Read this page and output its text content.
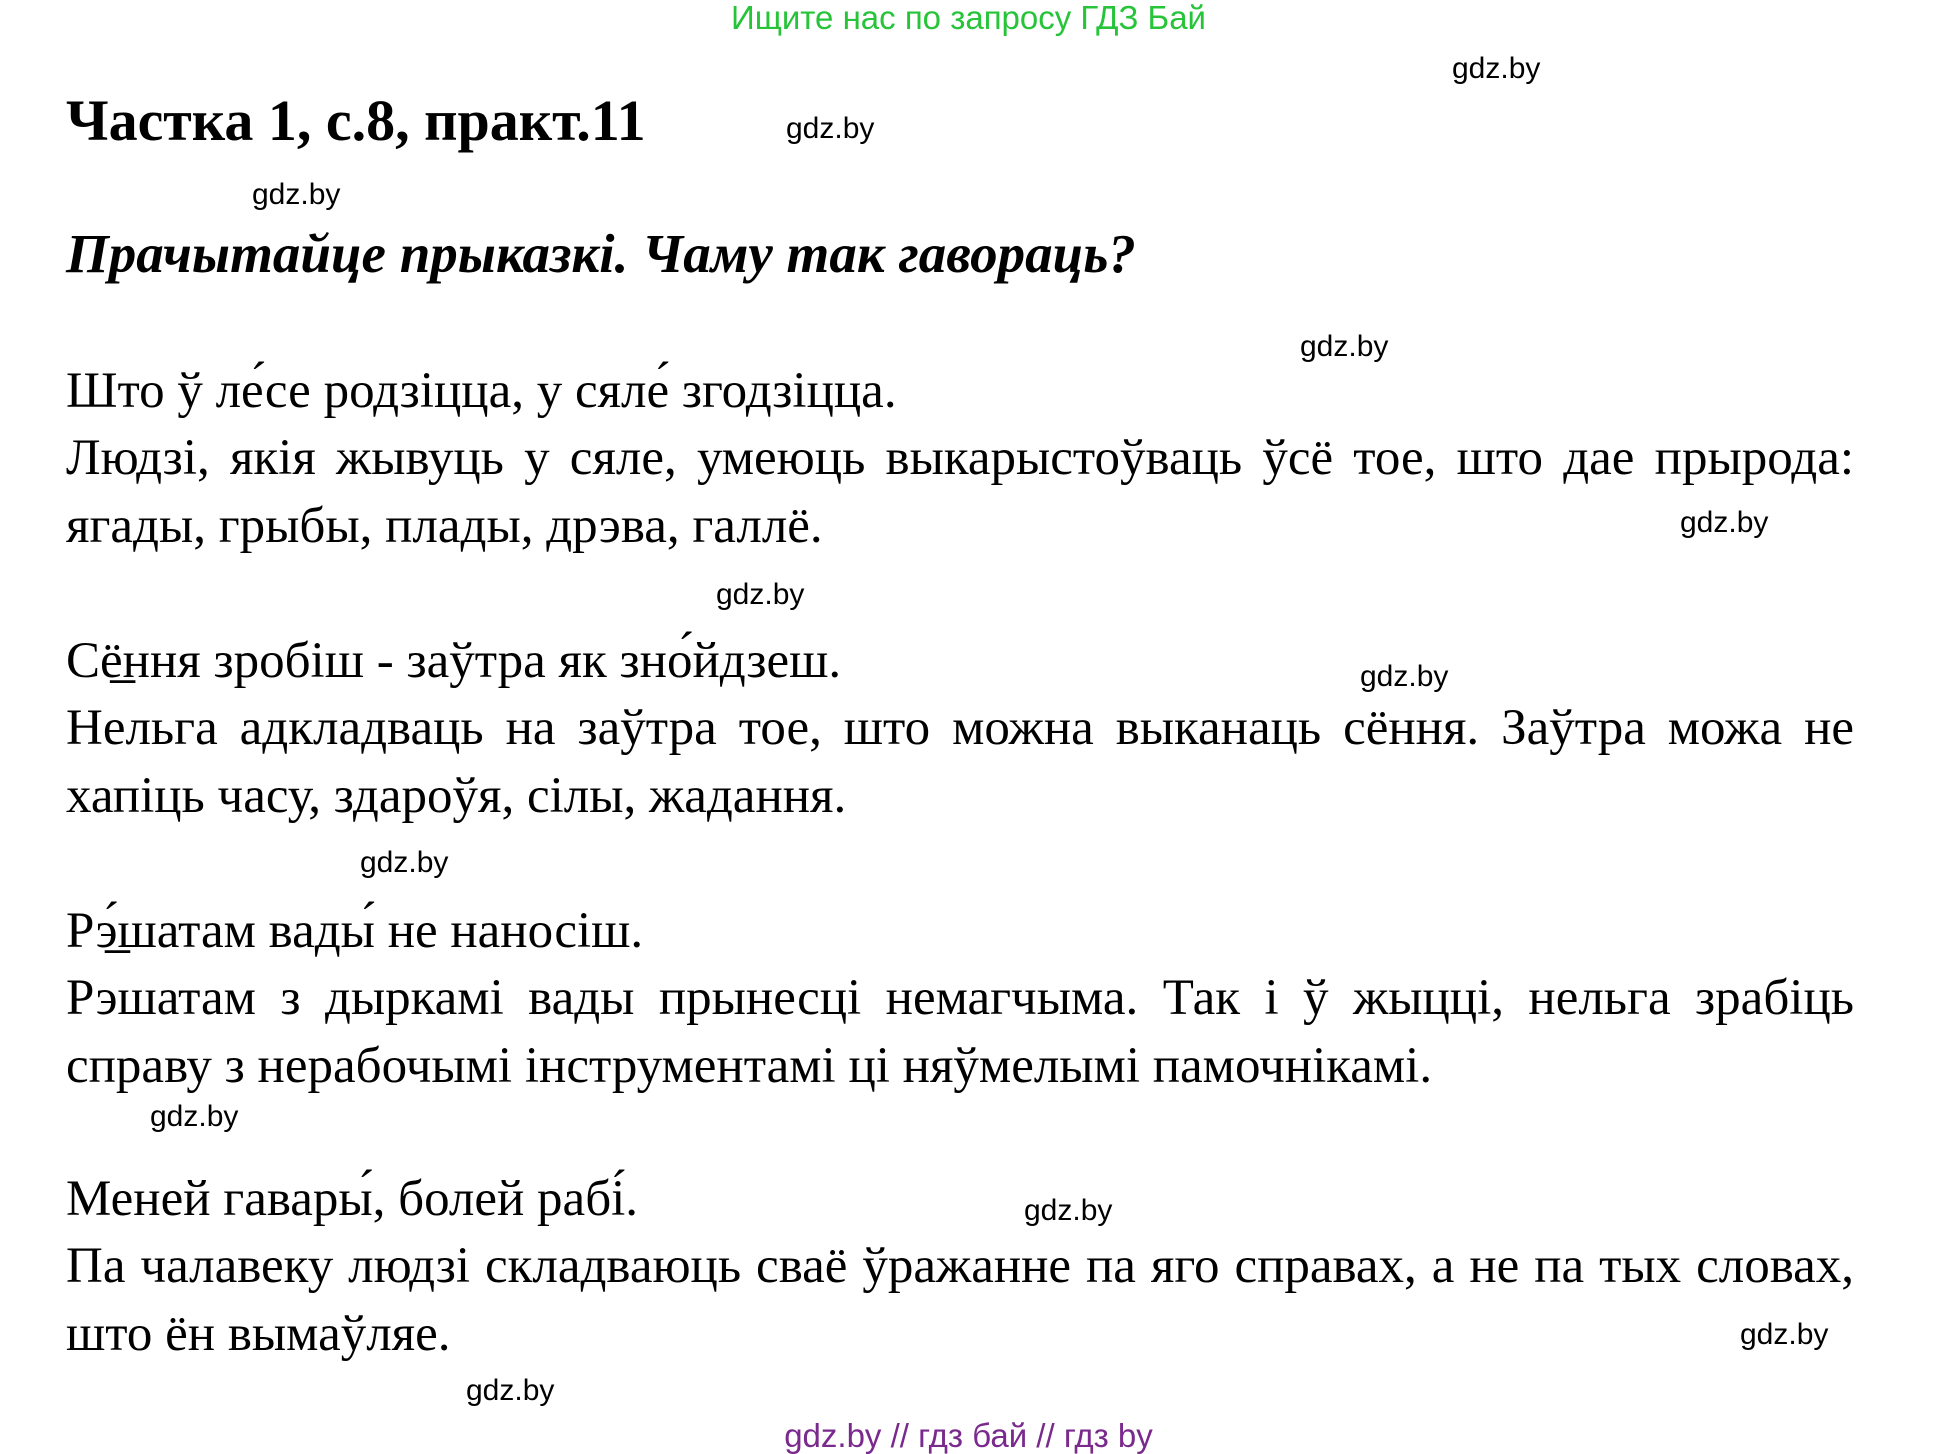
Ищите нас по запросу ГДЗ Бай
Частка 1, с.8, практ.11
Прачытайце прыказкі. Чаму так гавораць?
Што ў ле́се родзіцца, у сяле́ згодзіцца.
Людзі, якія жывуць у сяле, умеюць выкарыстоўваць ўсё тое, што дае прырода: ягады, грыбы, плады, дрэва, галлё.
Сё̲ння зробіш - заўтра як зно́йдзеш.
Нельга адкладваць на заўтра тое, што можна выканаць сёння. Заўтра можа не хапіць часу, здароўя, сілы, жадання.
Рэ̲́шатам вады́ не наносіш.
Рэшатам з дыркамі вады прынесці немагчыма. Так і ў жыцці, нельга зрабіць справу з нерабочымі інструментамі ці няўмелымі памочнікамі.
Меней гавары́, болей рабі́.
Па чалавеку людзі складваюць сваё ўражанне па яго справах, а не па тых словах, што ён вымаўляе.
gdz.by
gdz.by
gdz.by
gdz.by
gdz.by
gdz.by
gdz.by
gdz.by
gdz.by
gdz.by
gdz.by
gdz.by
gdz.by // гдз бай // гдз by
